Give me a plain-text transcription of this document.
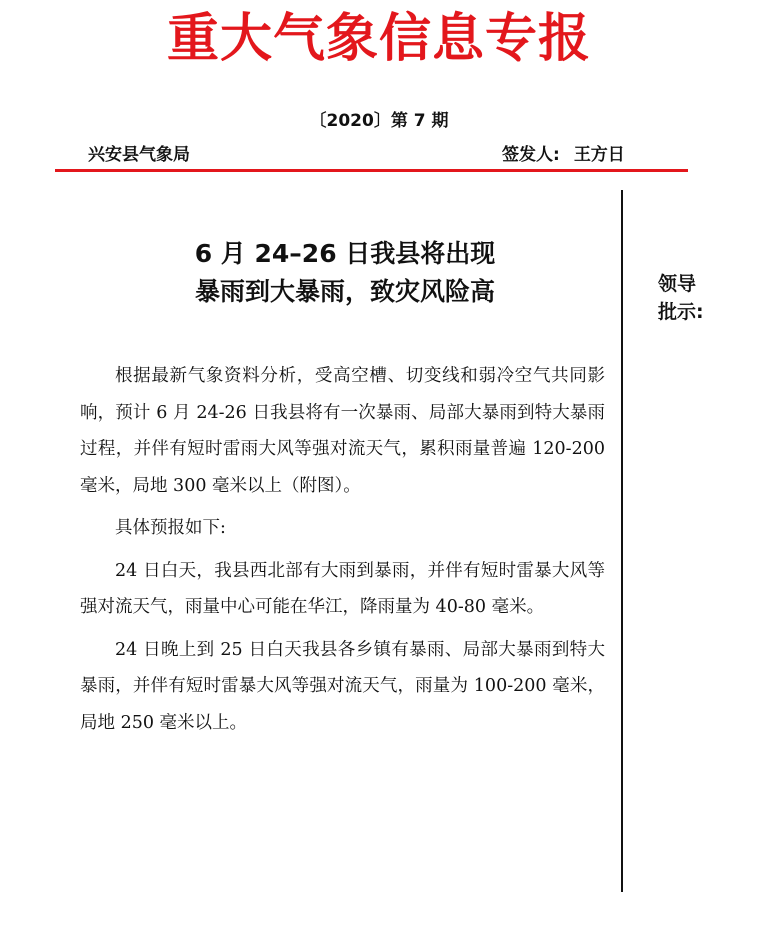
重大气象信息专报
〔2020〕第 7 期
兴安县气象局	签发人: 王方日
领导
批示:
6 月 24–26 日我县将出现
暴雨到大暴雨，致灾风险高

根据最新气象资料分析，受高空槽、切变线和弱冷空气共同影响，预计 6 月 24-26 日我县将有一次暴雨、局部大暴雨到特大暴雨过程，并伴有短时雷雨大风等强对流天气，累积雨量普遍 120-200 毫米，局地 300 毫米以上（附图）。

具体预报如下:

24 日白天，我县西北部有大雨到暴雨，并伴有短时雷暴大风等强对流天气，雨量中心可能在华江，降雨量为 40-80 毫米。

24 日晚上到 25 日白天我县各乡镇有暴雨、局部大暴雨到特大暴雨，并伴有短时雷暴大风等强对流天气，雨量为 100-200 毫米，局地 250 毫米以上。
